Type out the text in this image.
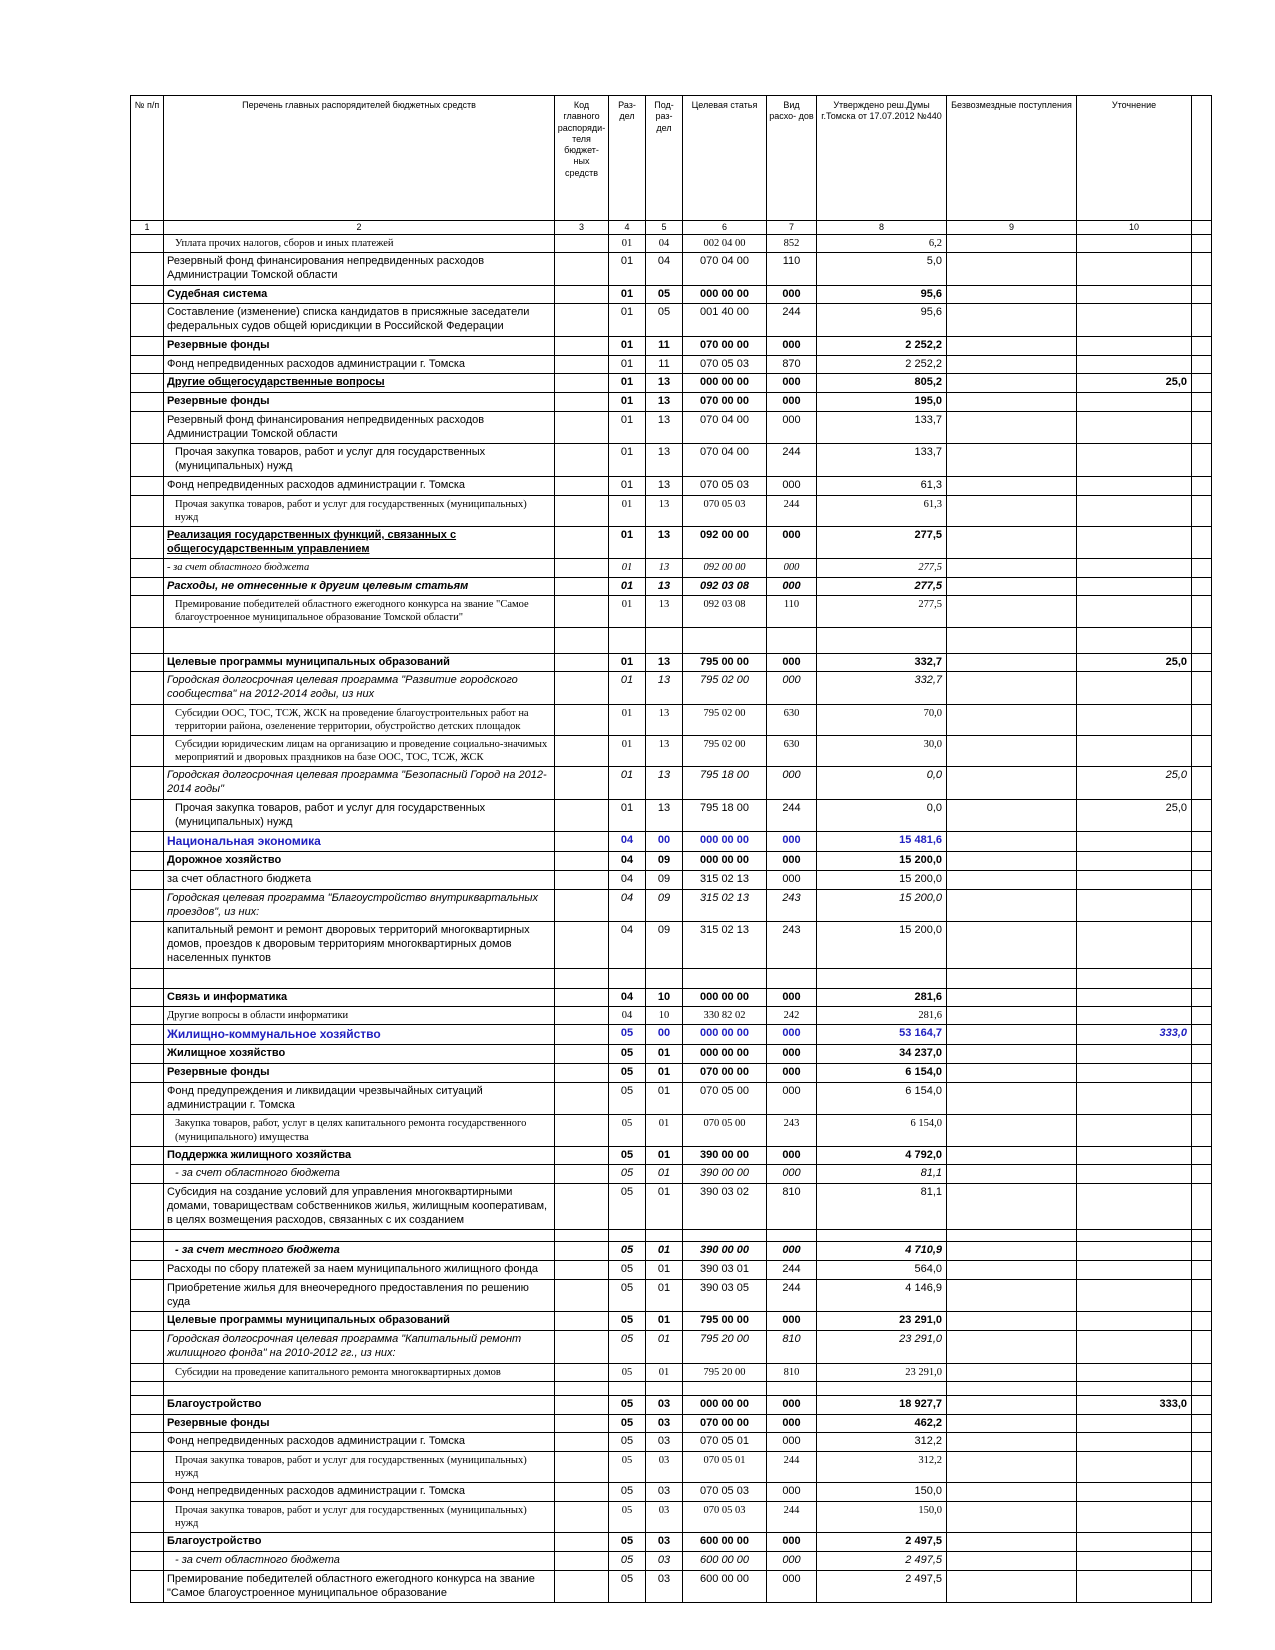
№ п/п	Перечень главных распорядителей бюджетных средств	Код главного распоряди- теля бюджет- ных средств	Раз- дел	Под- раз- дел	Целевая статья	Вид расхо- дов	Утверждено реш.Думы г.Томска от 17.07.2012 №440	Безвозмездные поступления	Уточнение	
1	2	3	4	5	6	7	8	9	10	
	Уплата прочих налогов, сборов и иных платежей		01	04	002 04 00	852	6,2			
	Резервный фонд финансирования непредвиденных расходов Администрации Томской области		01	04	070 04 00	110	5,0			
	Судебная система		01	05	000 00 00	000	95,6			
	Составление (изменение) списка кандидатов в присяжные заседатели федеральных судов общей юрисдикции в Российской Федерации		01	05	001 40 00	244	95,6			
	Резервные фонды		01	11	070 00 00	000	2 252,2			
	Фонд непредвиденных расходов администрации г. Томска		01	11	070 05 03	870	2 252,2			
	Другие общегосударственные вопросы		01	13	000 00 00	000	805,2		25,0	
	Резервные фонды		01	13	070 00 00	000	195,0			
	Резервный фонд финансирования непредвиденных расходов Администрации Томской области		01	13	070 04 00	000	133,7			
	Прочая закупка товаров, работ и услуг для государственных (муниципальных) нужд		01	13	070 04 00	244	133,7			
	Фонд непредвиденных расходов администрации г. Томска		01	13	070 05 03	000	61,3			
	Прочая закупка товаров, работ и услуг для государственных (муниципальных) нужд		01	13	070 05 03	244	61,3			
	Реализация государственных функций, связанных с общегосударственным управлением		01	13	092 00 00	000	277,5			
	- за счет областного бюджета		01	13	092 00 00	000	277,5			
	Расходы, не отнесенные к другим целевым статьям		01	13	092 03 08	000	277,5			
	Премирование победителей областного ежегодного конкурса на звание "Самое благоустроенное муниципальное образование Томской области"		01	13	092 03 08	110	277,5			

	Целевые программы муниципальных образований		01	13	795 00 00	000	332,7		25,0	
	Городская долгосрочная целевая программа "Развитие городского сообщества" на 2012-2014 годы, из них		01	13	795 02 00	000	332,7			
	Субсидии ООС, ТОС, ТСЖ, ЖСК на проведение благоустроительных работ на территории района, озеленение территории, обустройство детских площадок		01	13	795 02 00	630	70,0			
	Субсидии юридическим лицам на организацию и проведение социально-значимых мероприятий и дворовых праздников на базе ООС, ТОС, ТСЖ, ЖСК		01	13	795 02 00	630	30,0			
	Городская долгосрочная целевая программа "Безопасный Город на 2012-2014 годы"		01	13	795 18 00	000	0,0		25,0	
	Прочая закупка товаров, работ и услуг для государственных (муниципальных) нужд		01	13	795 18 00	244	0,0		25,0	
	Национальная экономика		04	00	000 00 00	000	15 481,6			
	Дорожное хозяйство		04	09	000 00 00	000	15 200,0			
	за счет областного бюджета		04	09	315 02 13	000	15 200,0			
	Городская целевая программа "Благоустройство внутриквартальных проездов", из них:		04	09	315 02 13	243	15 200,0			
	капитальный ремонт и ремонт дворовых территорий многоквартирных домов, проездов к дворовым территориям многоквартирных домов населенных пунктов		04	09	315 02 13	243	15 200,0			

	Связь и информатика		04	10	000 00 00	000	281,6			
	Другие вопросы в области информатики		04	10	330 82 02	242	281,6			
	Жилищно-коммунальное хозяйство		05	00	000 00 00	000	53 164,7		333,0	
	Жилищное хозяйство		05	01	000 00 00	000	34 237,0			
	Резервные фонды		05	01	070 00 00	000	6 154,0			
	Фонд предупреждения и ликвидации чрезвычайных ситуаций администрации г. Томска		05	01	070 05 00	000	6 154,0			
	Закупка товаров, работ, услуг в целях капитального ремонта государственного (муниципального) имущества		05	01	070 05 00	243	6 154,0			
	Поддержка жилищного хозяйства		05	01	390 00 00	000	4 792,0			
	- за счет областного бюджета		05	01	390 00 00	000	81,1			
	Субсидия на создание условий для управления многоквартирными домами, товариществам собственников жилья, жилищным кооперативам, в целях возмещения расходов, связанных с их созданием		05	01	390 03 02	810	81,1			

	- за счет местного бюджета		05	01	390 00 00	000	4 710,9			
	Расходы по сбору платежей за наем муниципального жилищного фонда		05	01	390 03 01	244	564,0			
	Приобретение жилья для внеочередного предоставления по решению суда		05	01	390 03 05	244	4 146,9			
	Целевые программы муниципальных образований		05	01	795 00 00	000	23 291,0			
	Городская долгосрочная целевая программа "Капитальный ремонт жилищного фонда" на 2010-2012 гг., из них:		05	01	795 20 00	810	23 291,0			
	Субсидии на проведение капитального ремонта многоквартирных домов		05	01	795 20 00	810	23 291,0			

	Благоустройство		05	03	000 00 00	000	18 927,7		333,0	
	Резервные фонды		05	03	070 00 00	000	462,2			
	Фонд непредвиденных расходов администрации г. Томска		05	03	070 05 01	000	312,2			
	Прочая закупка товаров, работ и услуг для государственных (муниципальных) нужд		05	03	070 05 01	244	312,2			
	Фонд непредвиденных расходов администрации г. Томска		05	03	070 05 03	000	150,0			
	Прочая закупка товаров, работ и услуг для государственных (муниципальных) нужд		05	03	070 05 03	244	150,0			
	Благоустройство		05	03	600 00 00	000	2 497,5			
	- за счет областного бюджета		05	03	600 00 00	000	2 497,5			
	Премирование победителей областного ежегодного конкурса на звание "Самое благоустроенное муниципальное образование		05	03	600 00 00	000	2 497,5			
